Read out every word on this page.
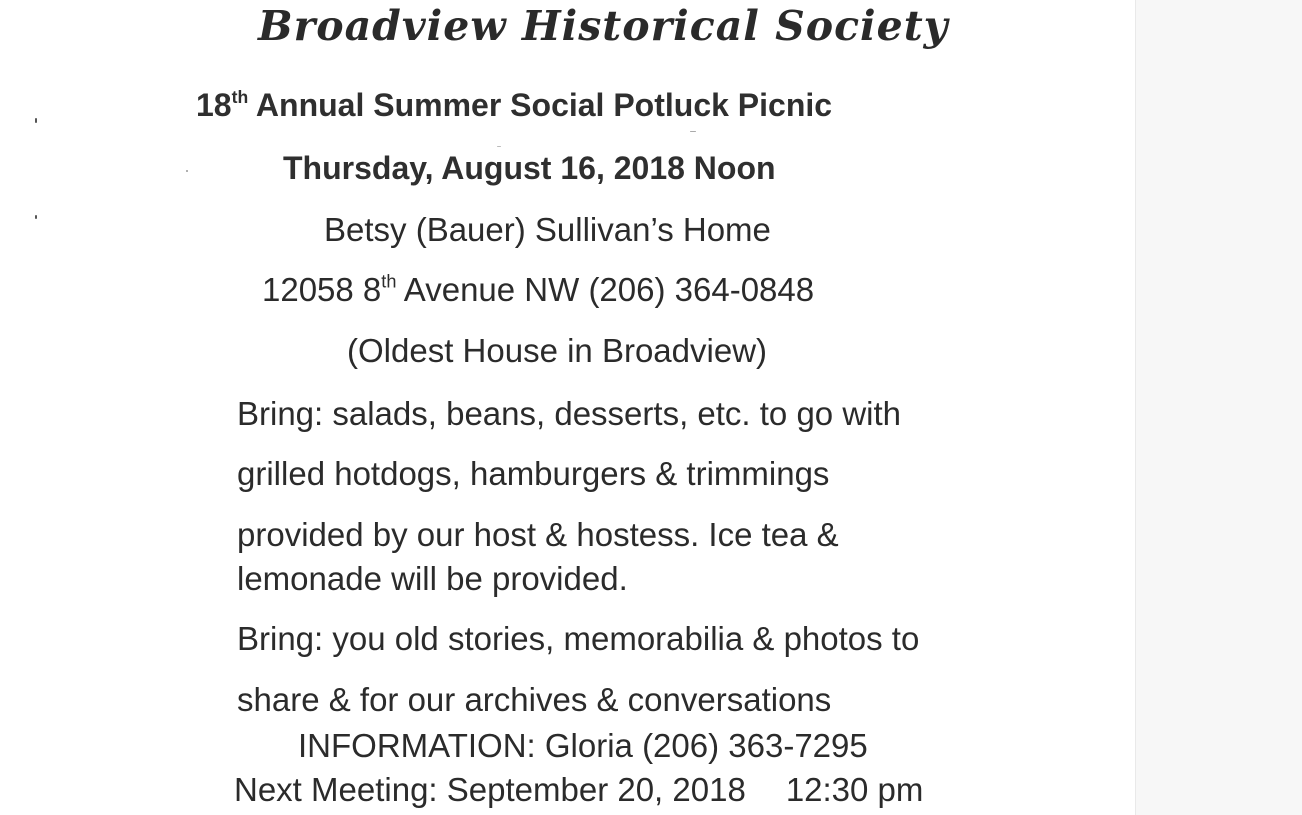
Broadview Historical Society
18th Annual Summer Social Potluck Picnic
Thursday, August 16, 2018 Noon
Betsy (Bauer) Sullivan’s Home
12058 8th Avenue NW (206) 364-0848
(Oldest House in Broadview)
Bring: salads, beans, desserts, etc. to go with
grilled hotdogs, hamburgers & trimmings
provided by our host & hostess. Ice tea &
lemonade will be provided.
Bring: you old stories, memorabilia & photos to
share & for our archives & conversations
INFORMATION: Gloria (206) 363-7295
Next Meeting: September 20, 2018 12:30 pm
